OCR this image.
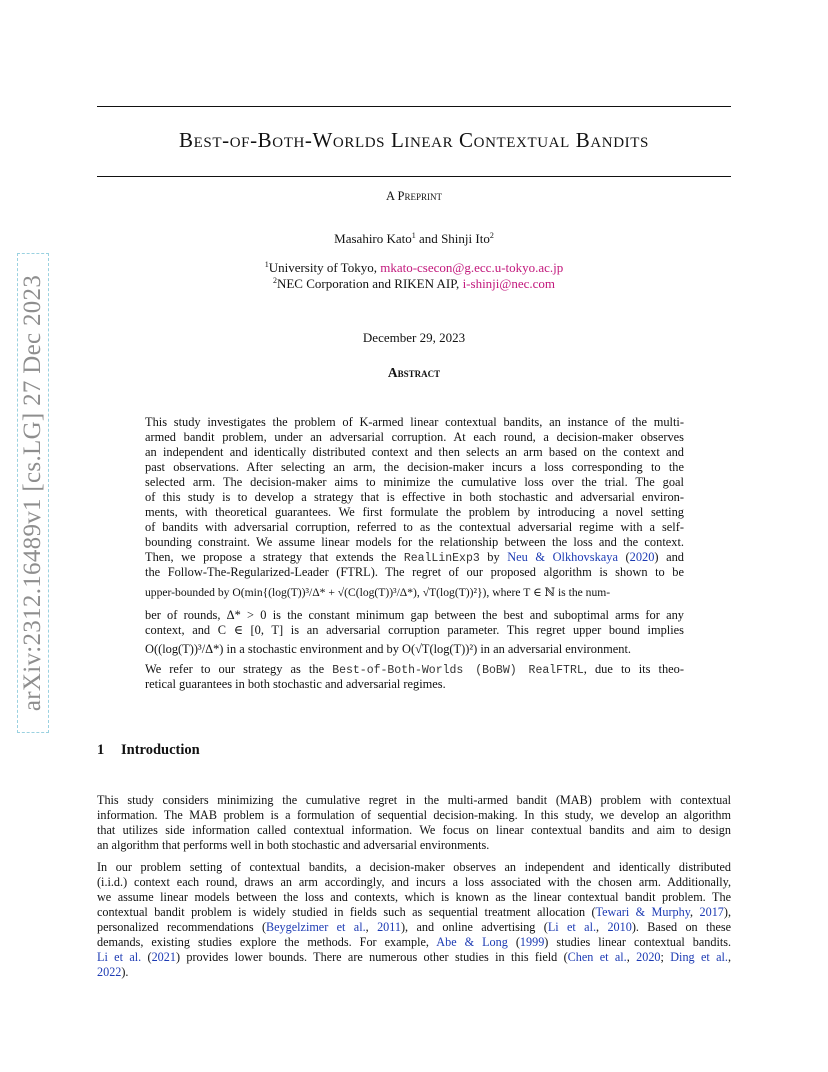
Best-of-Both-Worlds Linear Contextual Bandits
A Preprint
Masahiro Kato$^1$ and Shinji Ito$^2$
$^1$University of Tokyo, mkato-csecon@g.ecc.u-tokyo.ac.jp
$^2$NEC Corporation and RIKEN AIP, i-shinji@nec.com
December 29, 2023
Abstract
arXiv:2312.16489v1 [cs.LG] 27 Dec 2023	This study investigates the problem of K-armed linear contextual bandits, an instance of the multi-
armed bandit problem, under an adversarial corruption. At each round, a decision-maker observes
an independent and identically distributed context and then selects an arm based on the context and
past observations. After selecting an arm, the decision-maker incurs a loss corresponding to the
selected arm. The decision-maker aims to minimize the cumulative loss over the trial. The goal
of this study is to develop a strategy that is effective in both stochastic and adversarial environ-
ments, with theoretical guarantees. We first formulate the problem by introducing a novel setting
of bandits with adversarial corruption, referred to as the contextual adversarial regime with a self-
bounding constraint. We assume linear models for the relationship between the loss and the context.
Then, we propose a strategy that extends the RealLinExp3 by Neu & Olkhovskaya (2020) and
the Follow-The-Regularized-Leader (FTRL). The regret of our proposed algorithm is shown to be
upper-bounded by O(min{(log(T))³/Δ* + √(C(log(T))³/Δ*), √T(log(T))²}), where T ∈ ℕ is the num-
ber of rounds, Δ* > 0 is the constant minimum gap between the best and suboptimal arms for any
context, and C ∈ [0, T] is an adversarial corruption parameter. This regret upper bound implies
O((log(T))³/Δ*) in a stochastic environment and by O(√T(log(T))²) in an adversarial environment.
We refer to our strategy as the Best-of-Both-Worlds (BoBW) RealFTRL, due to its theo-
retical guarantees in both stochastic and adversarial regimes.
1 Introduction
This study considers minimizing the cumulative regret in the multi-armed bandit (MAB) problem with contextual
information. The MAB problem is a formulation of sequential decision-making. In this study, we develop an algorithm
that utilizes side information called contextual information. We focus on linear contextual bandits and aim to design
an algorithm that performs well in both stochastic and adversarial environments.
In our problem setting of contextual bandits, a decision-maker observes an independent and identically distributed
(i.i.d.) context each round, draws an arm accordingly, and incurs a loss associated with the chosen arm. Additionally,
we assume linear models between the loss and contexts, which is known as the linear contextual bandit problem. The
contextual bandit problem is widely studied in fields such as sequential treatment allocation (Tewari & Murphy, 2017),
personalized recommendations (Beygelzimer et al., 2011), and online advertising (Li et al., 2010). Based on these
demands, existing studies explore the methods. For example, Abe & Long (1999) studies linear contextual bandits.
Li et al. (2021) provides lower bounds. There are numerous other studies in this field (Chen et al., 2020; Ding et al.,
2022).
